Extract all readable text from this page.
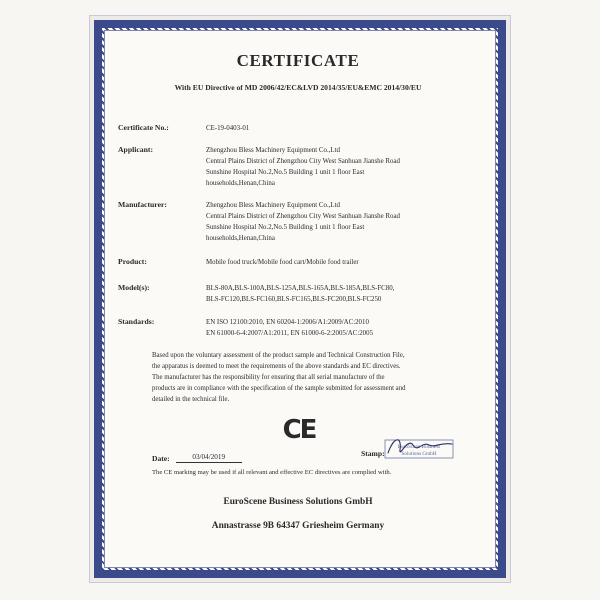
CERTIFICATE
With EU Directive of MD 2006/42/EC&LVD 2014/35/EU&EMC 2014/30/EU
Certificate No.:	CE-19-0403-01
Applicant:	Zhengzhou Bless Machinery Equipment Co.,Ltd
Central Plains District of Zhengzhou City West Sanhuan Jianshe Road
Sunshine Hospital No.2,No.5 Building 1 unit 1 floor East
households,Henan,China
Manufacturer:	Zhengzhou Bless Machinery Equipment Co.,Ltd
Central Plains District of Zhengzhou City West Sanhuan Jianshe Road
Sunshine Hospital No.2,No.5 Building 1 unit 1 floor East
households,Henan,China
Product:	Mobile food truck/Mobile food cart/Mobile food trailer
Model(s):	BLS-80A,BLS-100A,BLS-125A,BLS-165A,BLS-185A,BLS-FC80,
BLS-FC120,BLS-FC160,BLS-FC165,BLS-FC200,BLS-FC250
Standards:	EN ISO 12100:2010, EN 60204-1:2006/A1:2009/AC:2010
EN 61000-6-4:2007/A1:2011, EN 61000-6-2:2005/AC:2005
Based upon the voluntary assessment of the product sample and Technical Construction File,
the apparatus is deemed to meet the requirements of the above standards and EC directives.
The manufacturer has the responsibility for ensuring that all serial manufacture of the
products are in compliance with the specification of the sample submitted for assessment and
detailed in the technical file.
CE
Date:	03/04/2019	Stamp:
EuroScene Business
Solutions GmbH
The CE marking may be used if all relevant and effective EC directives are complied with.
EuroScene Business Solutions GmbH
Annastrasse 9B 64347 Griesheim Germany
